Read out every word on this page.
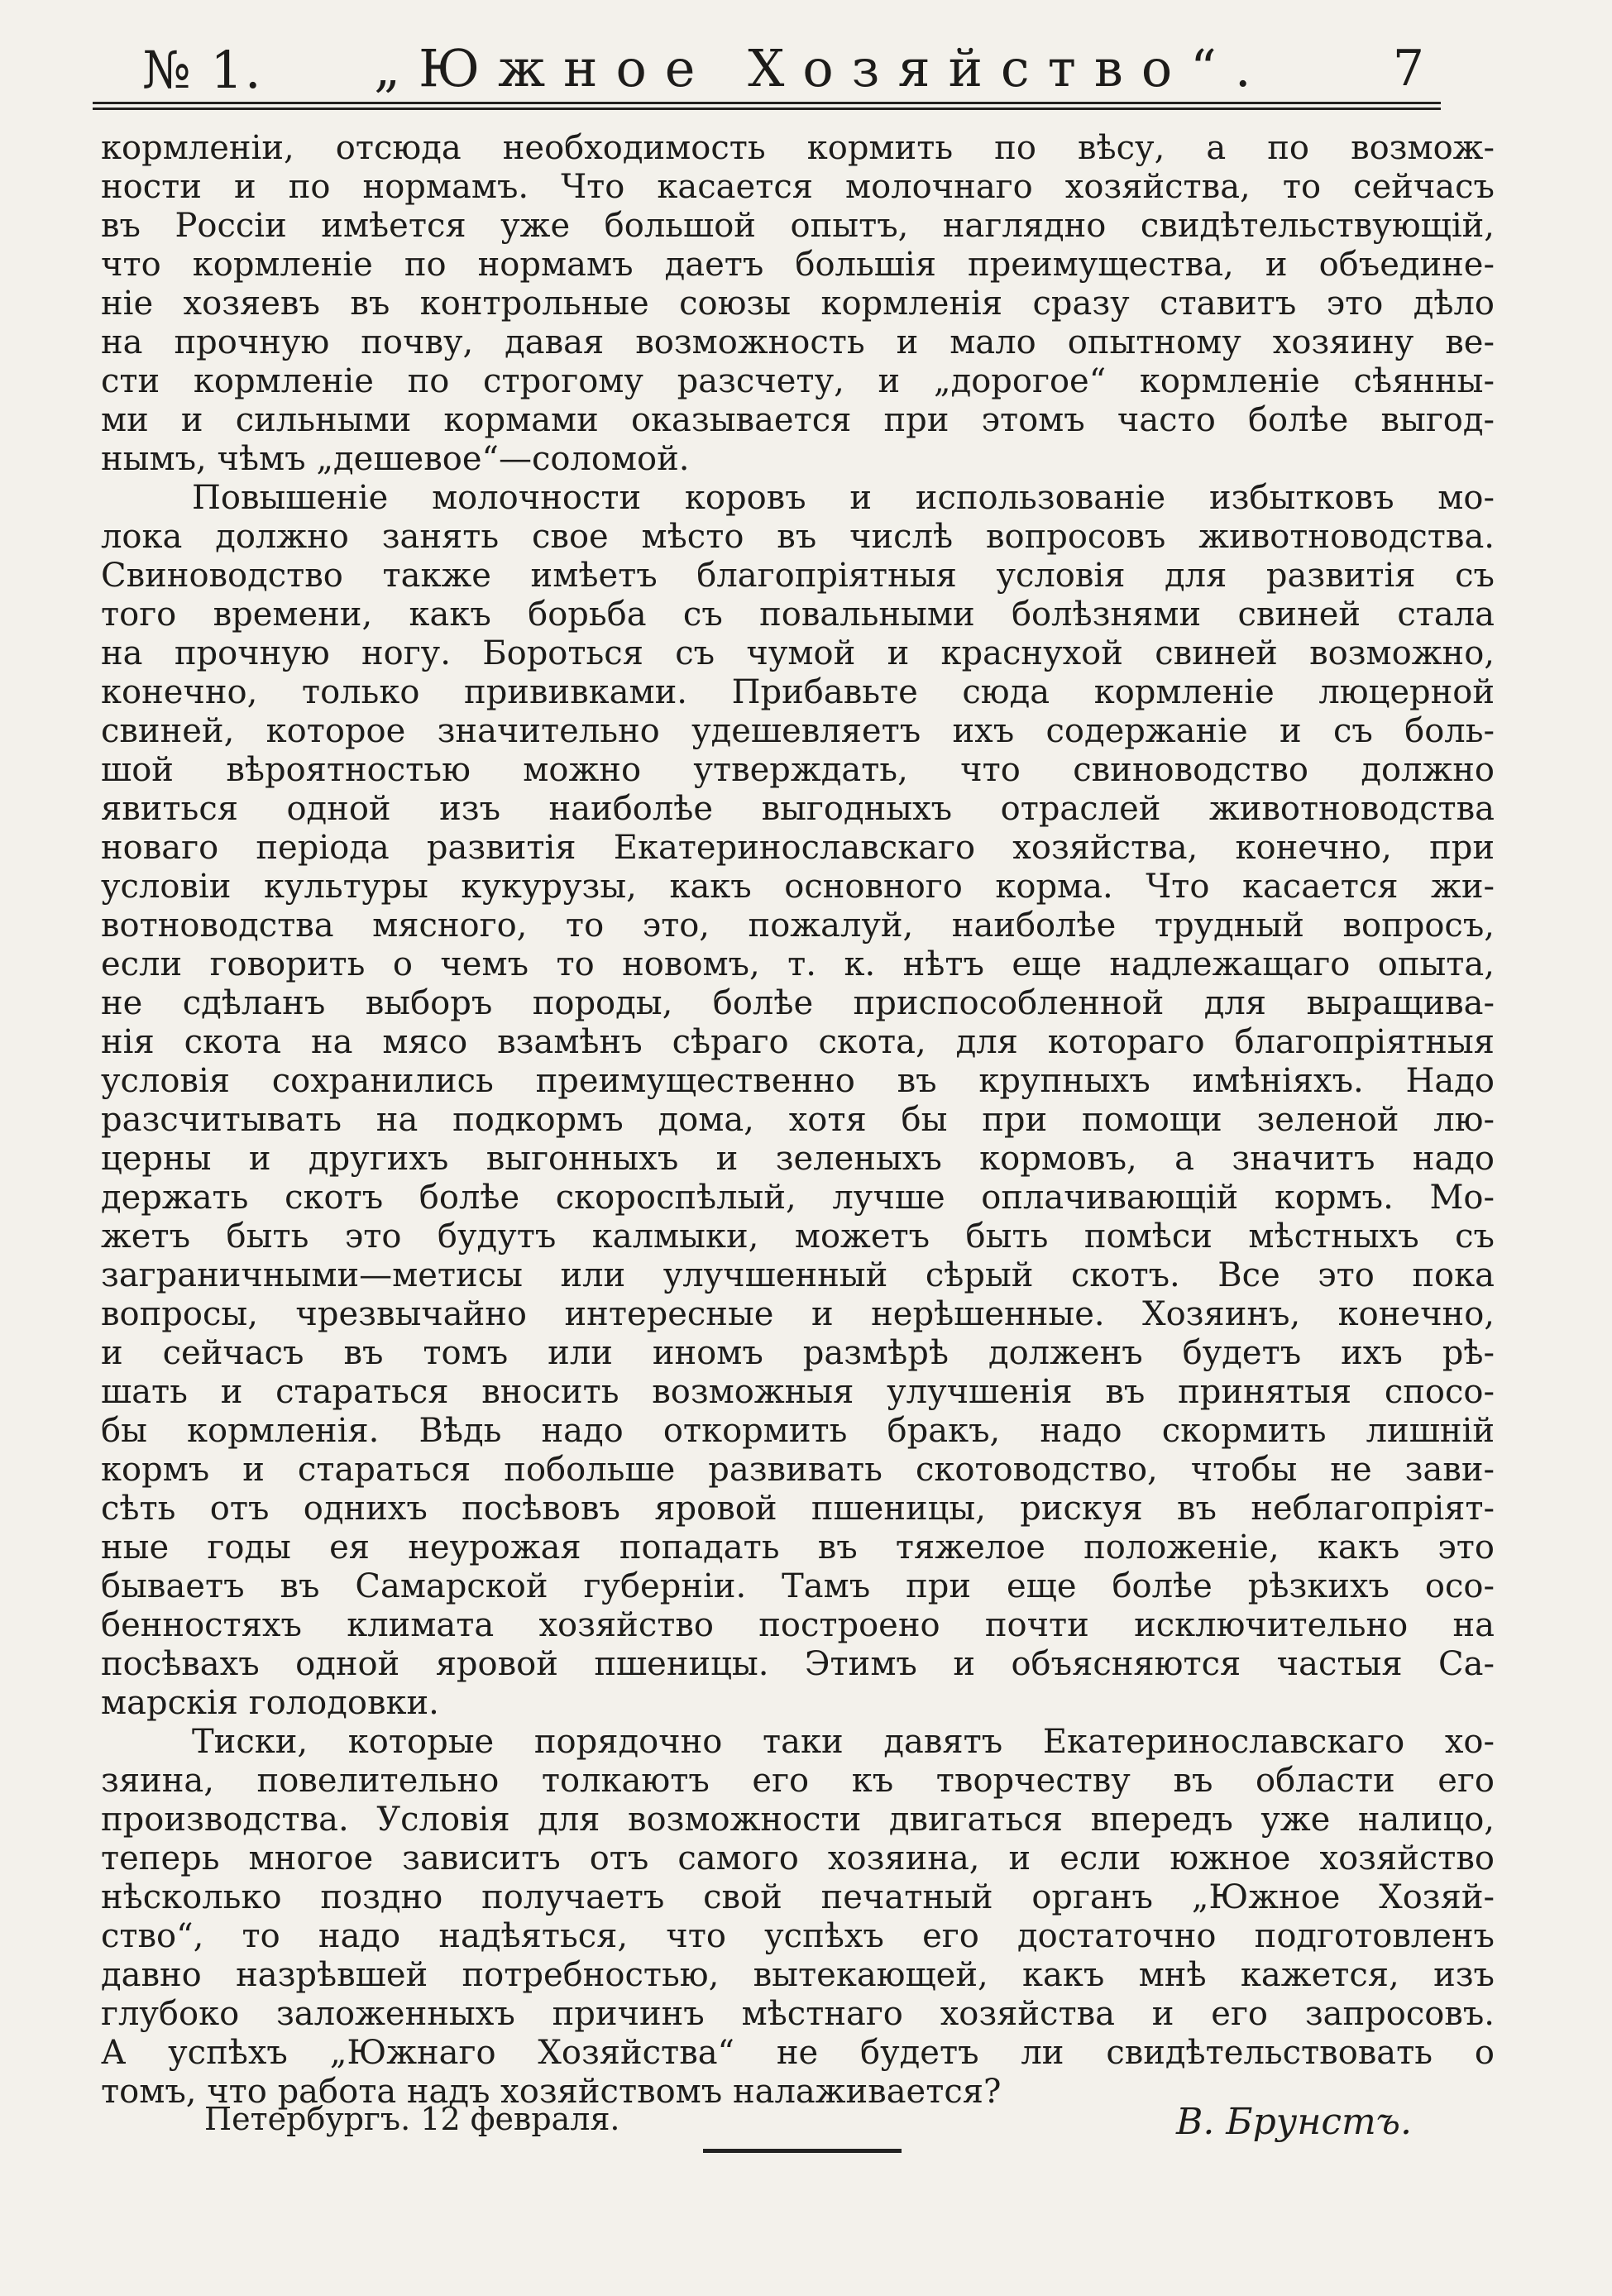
№ 1. „Южное Хозяйство“. 7
кормленіи, отсюда необходимость кормить по вѣсу, а по возмож-
ности и по нормамъ. Что касается молочнаго хозяйства, то сейчасъ
въ Россіи имѣется уже большой опытъ, наглядно свидѣтельствующій,
что кормленіе по нормамъ даетъ большія преимущества, и объедине-
ніе хозяевъ въ контрольные союзы кормленія сразу ставитъ это дѣло
на прочную почву, давая возможность и мало опытному хозяину ве-
сти кормленіе по строгому разсчету, и „дорогое“ кормленіе сѣянны-
ми и сильными кормами оказывается при этомъ часто болѣе выгод-
нымъ, чѣмъ „дешевое“—соломой.
Повышеніе молочности коровъ и использованіе избытковъ мо-
лока должно занять свое мѣсто въ числѣ вопросовъ животноводства.
Свиноводство также имѣетъ благопріятныя условія для развитія съ
того времени, какъ борьба съ повальными болѣзнями свиней стала
на прочную ногу. Бороться съ чумой и краснухой свиней возможно,
конечно, только прививками. Прибавьте сюда кормленіе люцерной
свиней, которое значительно удешевляетъ ихъ содержаніе и съ боль-
шой вѣроятностью можно утверждать, что свиноводство должно
явиться одной изъ наиболѣе выгодныхъ отраслей животноводства
новаго періода развитія Екатеринославскаго хозяйства, конечно, при
условіи культуры кукурузы, какъ основного корма. Что касается жи-
вотноводства мясного, то это, пожалуй, наиболѣе трудный вопросъ,
если говорить о чемъ то новомъ, т. к. нѣтъ еще надлежащаго опыта,
не сдѣланъ выборъ породы, болѣе приспособленной для выращива-
нія скота на мясо взамѣнъ сѣраго скота, для котораго благопріятныя
условія сохранились преимущественно въ крупныхъ имѣніяхъ. Надо
разсчитывать на подкормъ дома, хотя бы при помощи зеленой лю-
церны и другихъ выгонныхъ и зеленыхъ кормовъ, а значитъ надо
держать скотъ болѣе скороспѣлый, лучше оплачивающій кормъ. Мо-
жетъ быть это будутъ калмыки, можетъ быть помѣси мѣстныхъ съ
заграничными—метисы или улучшенный сѣрый скотъ. Все это пока
вопросы, чрезвычайно интересные и нерѣшенные. Хозяинъ, конечно,
и сейчасъ въ томъ или иномъ размѣрѣ долженъ будетъ ихъ рѣ-
шать и стараться вносить возможныя улучшенія въ принятыя спосо-
бы кормленія. Вѣдь надо откормить бракъ, надо скормить лишній
кормъ и стараться побольше развивать скотоводство, чтобы не зави-
сѣть отъ однихъ посѣвовъ яровой пшеницы, рискуя въ неблагопріят-
ные годы ея неурожая попадать въ тяжелое положеніе, какъ это
бываетъ въ Самарской губерніи. Тамъ при еще болѣе рѣзкихъ осо-
бенностяхъ климата хозяйство построено почти исключительно на
посѣвахъ одной яровой пшеницы. Этимъ и объясняются частыя Са-
марскія голодовки.
Тиски, которые порядочно таки давятъ Екатеринославскаго хо-
зяина, повелительно толкаютъ его къ творчеству въ области его
производства. Условія для возможности двигаться впередъ уже налицо,
теперь многое зависитъ отъ самого хозяина, и если южное хозяйство
нѣсколько поздно получаетъ свой печатный органъ „Южное Хозяй-
ство“, то надо надѣяться, что успѣхъ его достаточно подготовленъ
давно назрѣвшей потребностью, вытекающей, какъ мнѣ кажется, изъ
глубоко заложенныхъ причинъ мѣстнаго хозяйства и его запросовъ.
А успѣхъ „Южнаго Хозяйства“ не будетъ ли свидѣтельствовать о
томъ, что работа надъ хозяйствомъ налаживается?
Петербургъ. 12 февраля.	В. Брунстъ.
